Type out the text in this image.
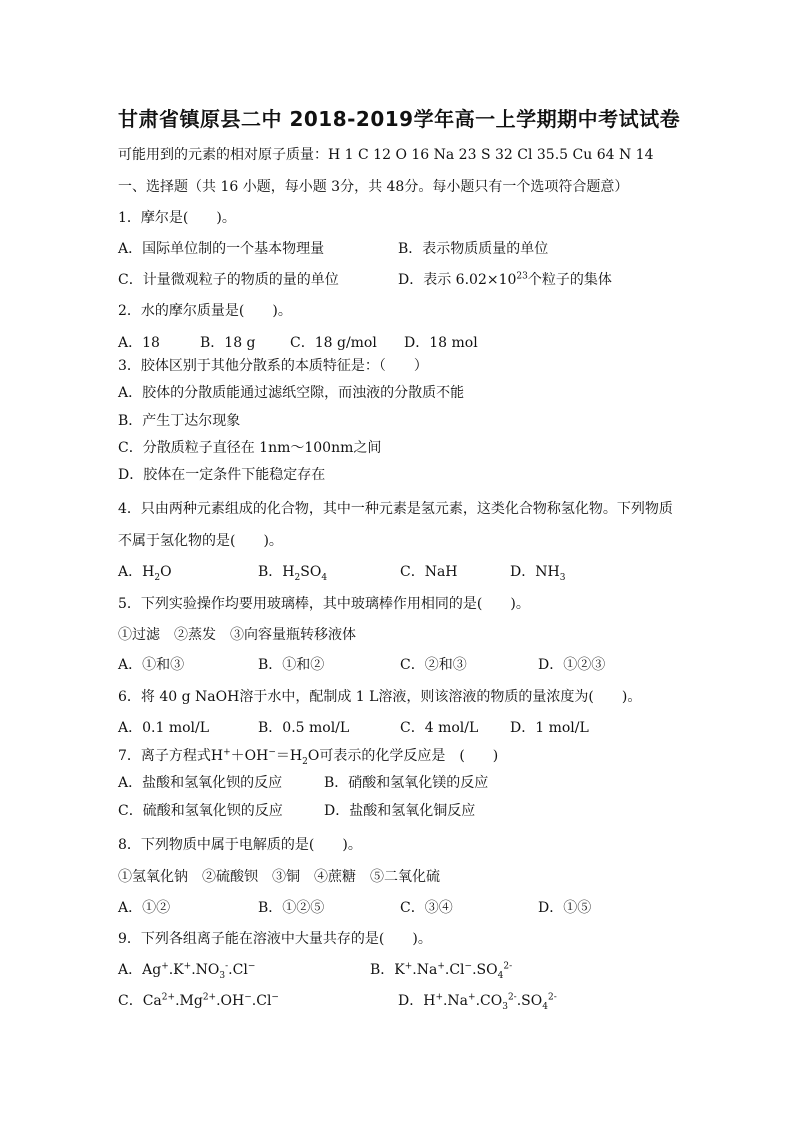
甘肃省镇原县二中 2018-2019学年高一上学期期中考试试卷
可能用到的元素的相对原子质量：H 1 C 12 O 16 Na 23 S 32 Cl 35.5 Cu 64 N 14
一、选择题（共 16 小题，每小题 3分，共 48分。每小题只有一个选项符合题意）
1．摩尔是(　　)。
A．国际单位制的一个基本物理量	B．表示物质质量的单位
C．计量微观粒子的物质的量的单位	D．表示 $6.02\times 10^{23}$个粒子的集体
2．水的摩尔质量是(　　)。
A．18	B．18 g C．18 g/mol D．18 mol
3．胶体区别于其他分散系的本质特征是：（　　）
A．胶体的分散质能通过滤纸空隙，而浊液的分散质不能
B．产生丁达尔现象
C．分散质粒子直径在 1nm～100nm之间
D．胶体在一定条件下能稳定存在
4．只由两种元素组成的化合物，其中一种元素是氢元素，这类化合物称氢化物。下列物质
不属于氢化物的是(　　)。
A．$H_2O$	B．$H_2SO_4$	C．NaH	D．$NH_3$
5．下列实验操作均要用玻璃棒，其中玻璃棒作用相同的是(　　)。
①过滤　②蒸发　③向容量瓶转移液体
A．①和③	B．①和②	C．②和③	D．①②③
6．将 40 g NaOH溶于水中，配制成 1 L溶液，则该溶液的物质的量浓度为(　　)。
A．0.1 mol/L	B．0.5 mol/L	C．4 mol/L D．1 mol/L
7．离子方程式$H^++OH^-=H_2O$可表示的化学反应是　(　　)
A．盐酸和氢氧化钡的反应	B．硝酸和氢氧化镁的反应
C．硫酸和氢氧化钡的反应	D．盐酸和氢氧化铜反应
8．下列物质中属于电解质的是(　　)。
①氢氧化钠　②硫酸钡　③铜　④蔗糖　⑤二氧化硫
A．①②	B．①②⑤	C．③④	D．①⑤
9．下列各组离子能在溶液中大量共存的是(　　)。
A．$Ag^+.K^+.NO_3^-.Cl^-$	B．$K^+.Na^+.Cl^-.SO_4^{2-}$
C．$Ca^{2+}.Mg^{2+}.OH^-.Cl^-$	D．$H^+.Na^+.CO_3^{2-}.SO_4^{2-}$
